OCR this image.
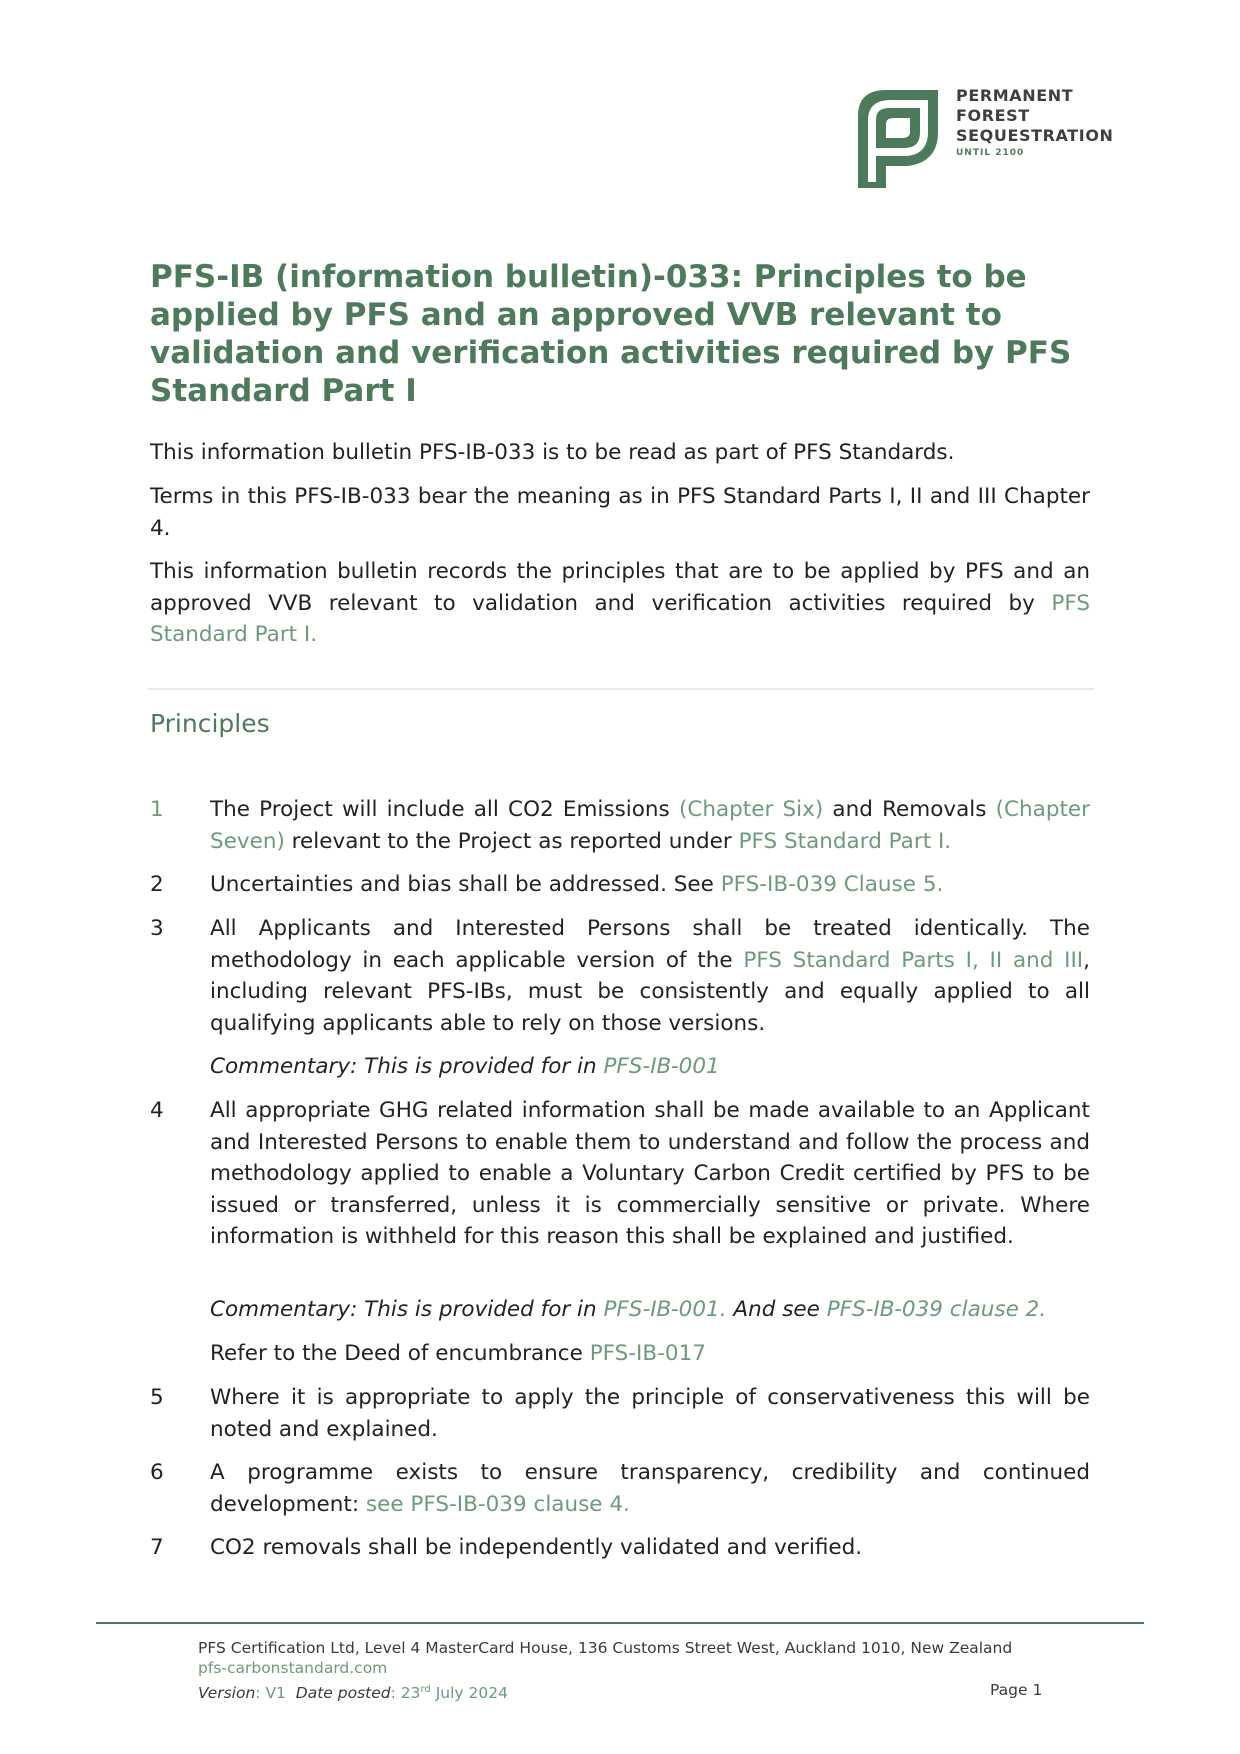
PERMANENT
FOREST
SEQUESTRATION
UNTIL 2100
PFS-IB (information bulletin)-033: Principles to be applied by PFS and an approved VVB relevant to validation and verification activities required by PFS Standard Part I

This information bulletin PFS-IB-033 is to be read as part of PFS Standards.

Terms in this PFS-IB-033 bear the meaning as in PFS Standard Parts I, II and III Chapter 4.

This information bulletin records the principles that are to be applied by PFS and an approved VVB relevant to validation and verification activities required by PFS Standard Part I.

Principles
1 The Project will include all CO2 Emissions (Chapter Six) and Removals (Chapter Seven) relevant to the Project as reported under PFS Standard Part I.

2 Uncertainties and bias shall be addressed. See PFS-IB-039 Clause 5.

3 All Applicants and Interested Persons shall be treated identically. The methodology in each applicable version of the PFS Standard Parts I, II and III, including relevant PFS-IBs, must be consistently and equally applied to all qualifying applicants able to rely on those versions.

Commentary: This is provided for in PFS-IB-001

4 All appropriate GHG related information shall be made available to an Applicant and Interested Persons to enable them to understand and follow the process and methodology applied to enable a Voluntary Carbon Credit certified by PFS to be issued or transferred, unless it is commercially sensitive or private. Where information is withheld for this reason this shall be explained and justified.

Commentary: This is provided for in PFS-IB-001. And see PFS-IB-039 clause 2.

Refer to the Deed of encumbrance PFS-IB-017

5 Where it is appropriate to apply the principle of conservativeness this will be noted and explained.

6 A programme exists to ensure transparency, credibility and continued development: see PFS-IB-039 clause 4.

7 CO2 removals shall be independently validated and verified.

PFS Certification Ltd, Level 4 MasterCard House, 136 Customs Street West, Auckland 1010, New Zealand
pfs-carbonstandard.com
Version: V1 Date posted: 23rd July 2024	Page 1
